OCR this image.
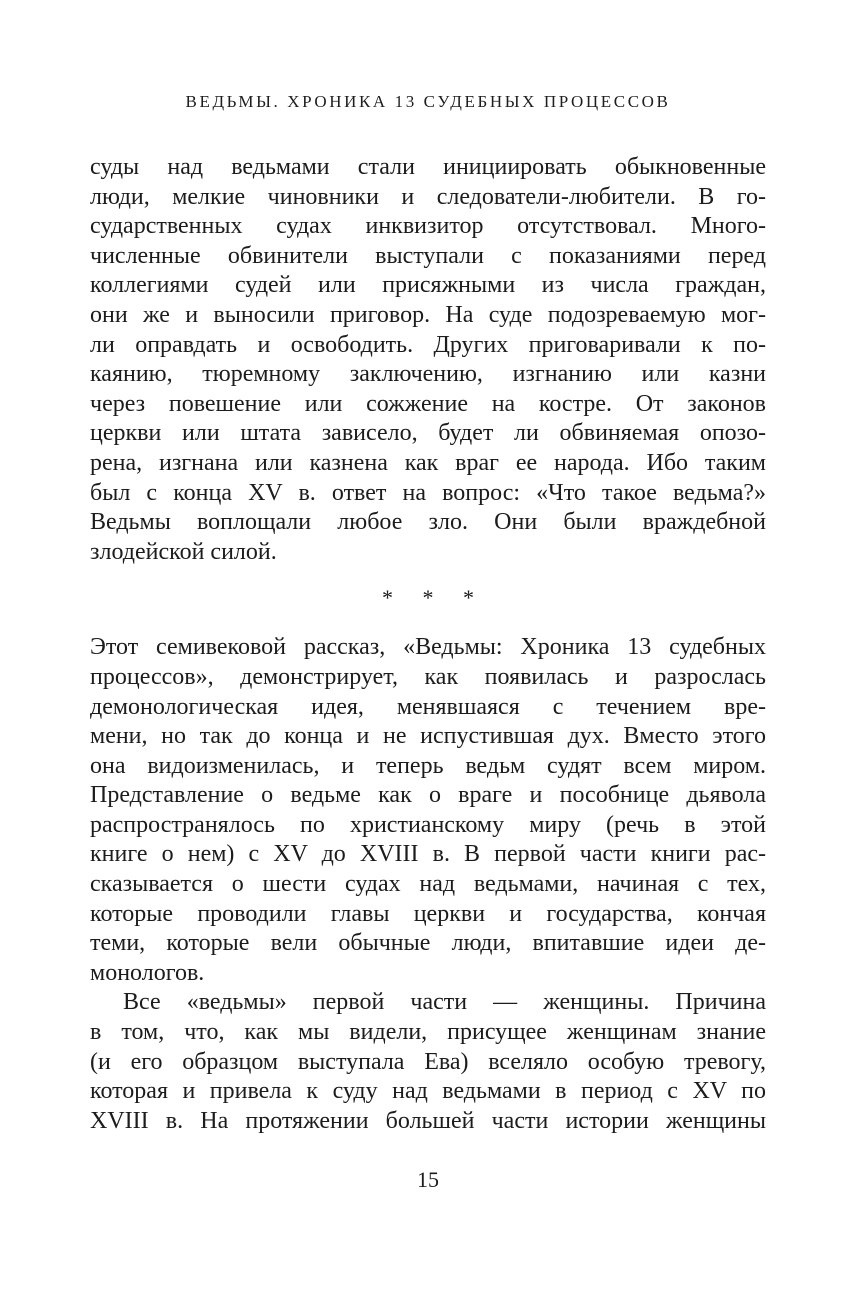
ВЕДЬМЫ. ХРОНИКА 13 СУДЕБНЫХ ПРОЦЕССОВ
суды над ведьмами стали инициировать обыкновенные
люди, мелкие чиновники и следователи-любители. В го-
сударственных судах инквизитор отсутствовал. Много-
численные обвинители выступали с показаниями перед
коллегиями судей или присяжными из числа граждан,
они же и выносили приговор. На суде подозреваемую мог-
ли оправдать и освободить. Других приговаривали к по-
каянию, тюремному заключению, изгнанию или казни
через повешение или сожжение на костре. От законов
церкви или штата зависело, будет ли обвиняемая опозо-
рена, изгнана или казнена как враг ее народа. Ибо таким
был с конца XV в. ответ на вопрос: «Что такое ведьма?»
Ведьмы воплощали любое зло. Они были враждебной
злодейской силой.
* * *
Этот семивековой рассказ, «Ведьмы: Хроника 13 судебных
процессов», демонстрирует, как появилась и разрослась
демонологическая идея, менявшаяся с течением вре-
мени, но так до конца и не испустившая дух. Вместо этого
она видоизменилась, и теперь ведьм судят всем миром.
Представление о ведьме как о враге и пособнице дьявола
распространялось по христианскому миру (речь в этой
книге о нем) с XV до XVIII в. В первой части книги рас-
сказывается о шести судах над ведьмами, начиная с тех,
которые проводили главы церкви и государства, кончая
теми, которые вели обычные люди, впитавшие идеи де-
монологов.
Все «ведьмы» первой части — женщины. Причина
в том, что, как мы видели, присущее женщинам знание
(и его образцом выступала Ева) вселяло особую тревогу,
которая и привела к суду над ведьмами в период с XV по
XVIII в. На протяжении большей части истории женщины
15
